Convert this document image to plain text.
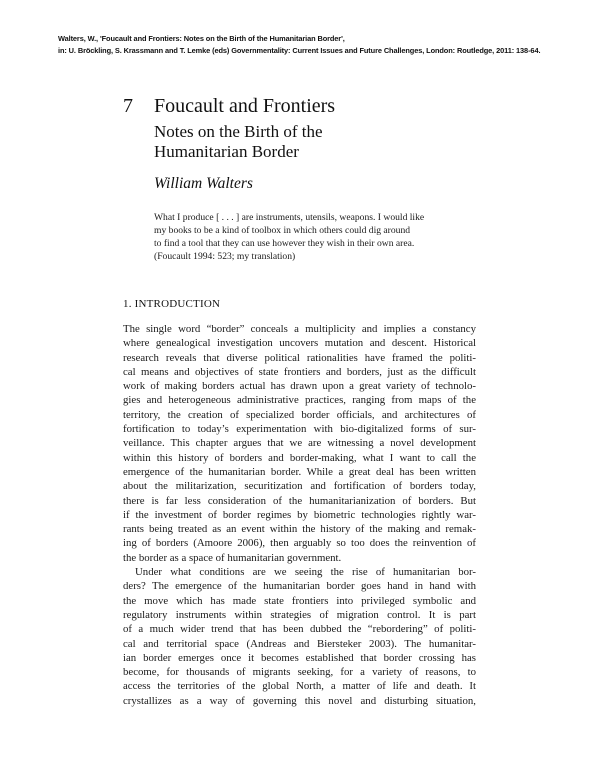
Walters, W., 'Foucault and Frontiers: Notes on the Birth of the Humanitarian Border',
in: U. Bröckling, S. Krassmann and T. Lemke (eds) Governmentality: Current Issues and Future Challenges, London: Routledge, 2011: 138-64.
7 Foucault and Frontiers
Notes on the Birth of the
Humanitarian Border
William Walters
What I produce [ . . . ] are instruments, utensils, weapons. I would like
my books to be a kind of toolbox in which others could dig around
to find a tool that they can use however they wish in their own area.
(Foucault 1994: 523; my translation)
1. INTRODUCTION
The single word “border” conceals a multiplicity and implies a constancy
where genealogical investigation uncovers mutation and descent. Historical
research reveals that diverse political rationalities have framed the politi-
cal means and objectives of state frontiers and borders, just as the difficult
work of making borders actual has drawn upon a great variety of technolo-
gies and heterogeneous administrative practices, ranging from maps of the
territory, the creation of specialized border officials, and architectures of
fortification to today’s experimentation with bio-digitalized forms of sur-
veillance. This chapter argues that we are witnessing a novel development
within this history of borders and border-making, what I want to call the
emergence of the humanitarian border. While a great deal has been written
about the militarization, securitization and fortification of borders today,
there is far less consideration of the humanitarianization of borders. But
if the investment of border regimes by biometric technologies rightly war-
rants being treated as an event within the history of the making and remak-
ing of borders (Amoore 2006), then arguably so too does the reinvention of
the border as a space of humanitarian government.
Under what conditions are we seeing the rise of humanitarian bor-
ders? The emergence of the humanitarian border goes hand in hand with
the move which has made state frontiers into privileged symbolic and
regulatory instruments within strategies of migration control. It is part
of a much wider trend that has been dubbed the “rebordering” of politi-
cal and territorial space (Andreas and Biersteker 2003). The humanitar-
ian border emerges once it becomes established that border crossing has
become, for thousands of migrants seeking, for a variety of reasons, to
access the territories of the global North, a matter of life and death. It
crystallizes as a way of governing this novel and disturbing situation,
